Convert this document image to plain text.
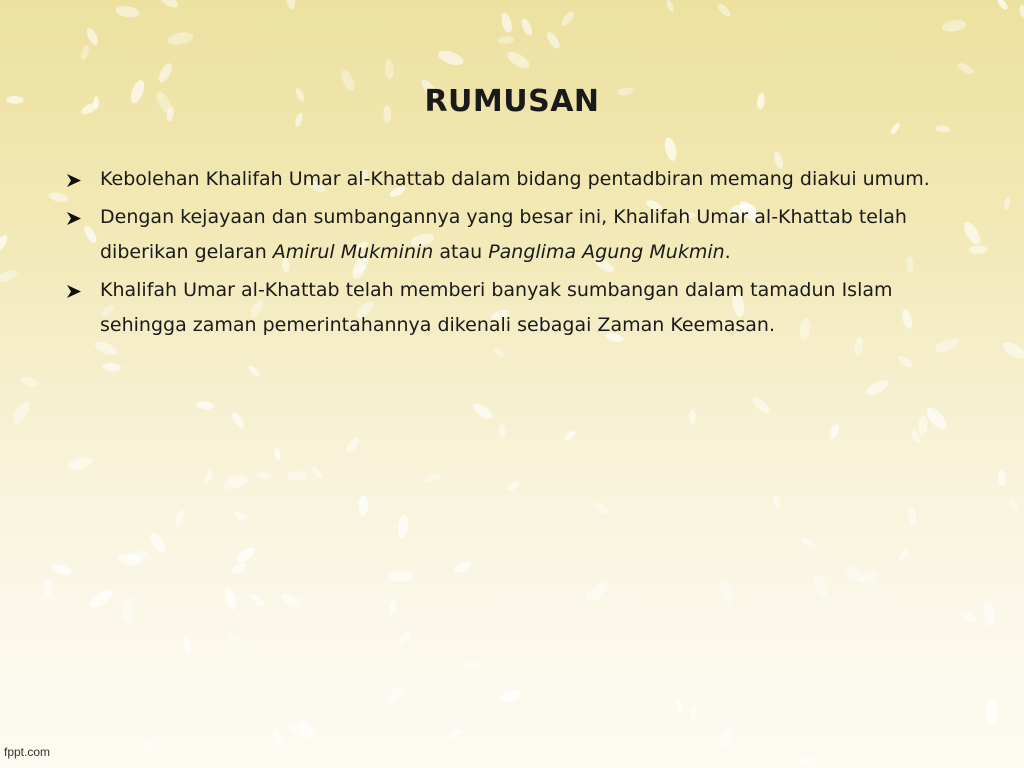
RUMUSAN
Kebolehan Khalifah Umar al-Khattab dalam bidang pentadbiran memang diakui umum.
Dengan kejayaan dan sumbangannya yang besar ini, Khalifah Umar al-Khattab telah diberikan gelaran Amirul Mukminin atau Panglima Agung Mukmin.
Khalifah Umar al-Khattab telah memberi banyak sumbangan dalam tamadun Islam sehingga zaman pemerintahannya dikenali sebagai Zaman Keemasan.
fppt.com
